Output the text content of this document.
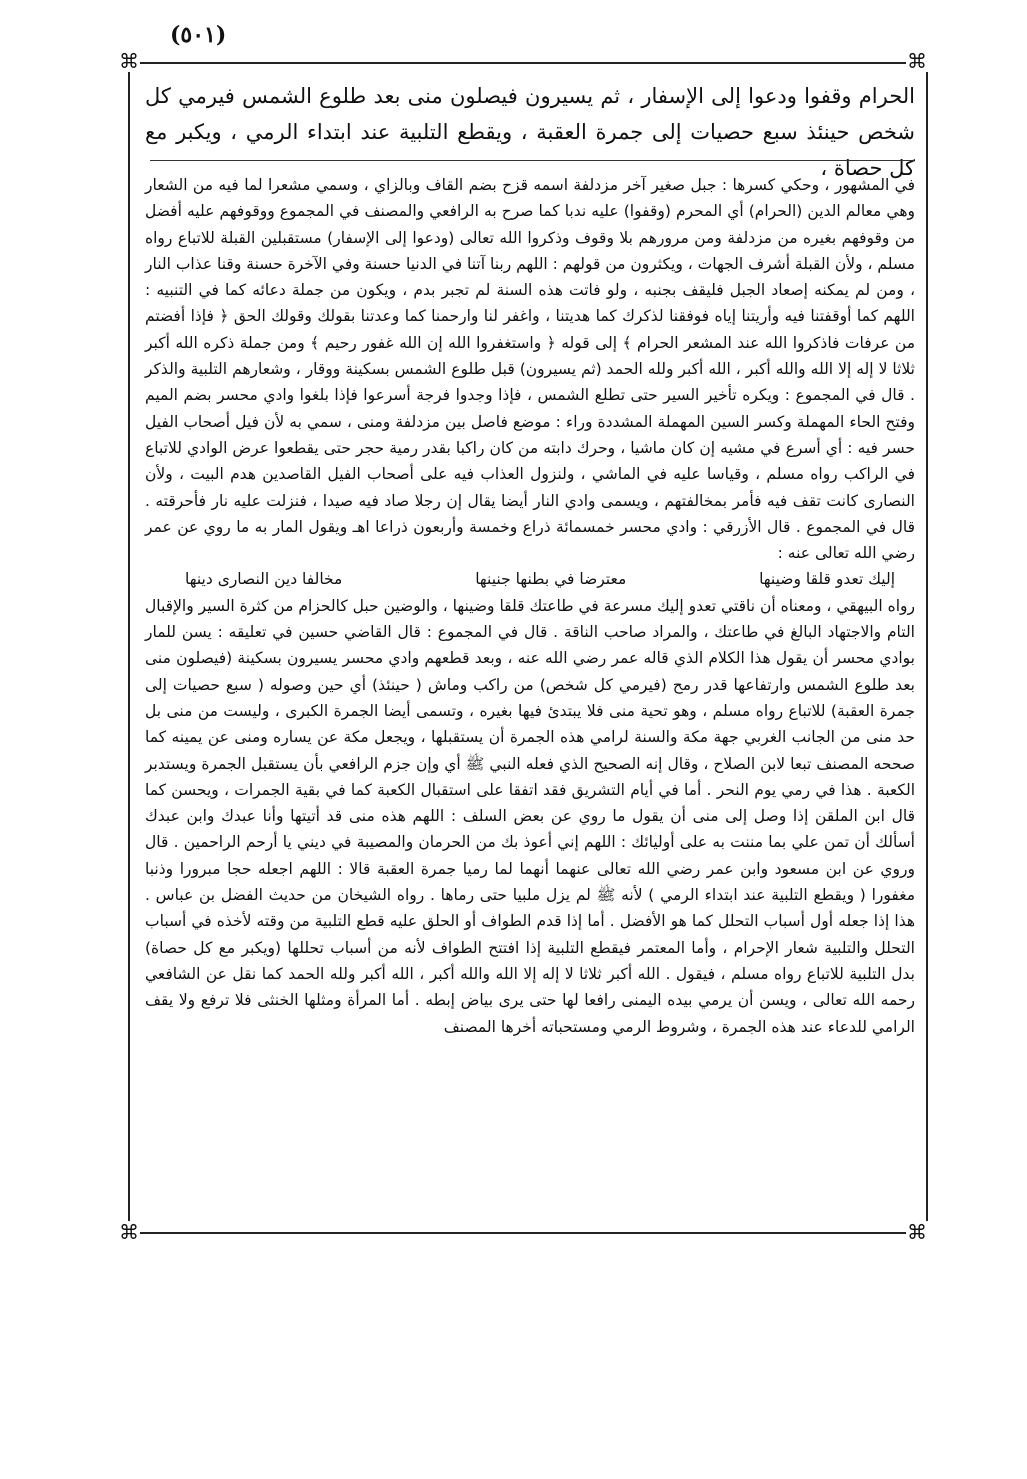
(٥٠١)
⌘	⌘
⌘	⌘
الحرام وقفوا ودعوا إلى الإسفار ، ثم يسيرون فيصلون منى بعد طلوع الشمس فيرمي كل شخص حينئذ سبع حصيات إلى جمرة العقبة ، ويقطع التلبية عند ابتداء الرمي ، ويكبر مع كل حصاة ،

في المشهور ، وحكي كسرها : جبل صغير آخر مزدلفة اسمه قزح بضم القاف وبالزاي ، وسمي مشعرا لما فيه من الشعار وهي معالم الدين (الحرام) أي المحرم (وقفوا) عليه ندبا كما صرح به الرافعي والمصنف في المجموع ووقوفهم عليه أفضل من وقوفهم بغيره من مزدلفة ومن مرورهم بلا وقوف وذكروا الله تعالى (ودعوا إلى الإسفار) مستقبلين القبلة للاتباع رواه مسلم ، ولأن القبلة أشرف الجهات ، ويكثرون من قولهم : اللهم ربنا آتنا في الدنيا حسنة وفي الآخرة حسنة وقنا عذاب النار ، ومن لم يمكنه إصعاد الجبل فليقف بجنبه ، ولو فاتت هذه السنة لم تجبر بدم ، ويكون من جملة دعائه كما في التنبيه : اللهم كما أوقفتنا فيه وأريتنا إياه فوفقنا لذكرك كما هديتنا ، واغفر لنا وارحمنا كما وعدتنا بقولك وقولك الحق ﴿ فإذا أفضتم من عرفات فاذكروا الله عند المشعر الحرام ﴾ إلى قوله ﴿ واستغفروا الله إن الله غفور رحيم ﴾ ومن جملة ذكره الله أكبر ثلاثا لا إله إلا الله والله أكبر ، الله أكبر ولله الحمد (ثم يسيرون) قبل طلوع الشمس بسكينة ووقار ، وشعارهم التلبية والذكر . قال في المجموع : ويكره تأخير السير حتى تطلع الشمس ، فإذا وجدوا فرجة أسرعوا فإذا بلغوا وادي محسر بضم الميم وفتح الحاء المهملة وكسر السين المهملة المشددة وراء : موضع فاصل بين مزدلفة ومنى ، سمي به لأن فيل أصحاب الفيل حسر فيه : أي أسرع في مشيه إن كان ماشيا ، وحرك دابته من كان راكبا بقدر رمية حجر حتى يقطعوا عرض الوادي للاتباع في الراكب رواه مسلم ، وقياسا عليه في الماشي ، ولنزول العذاب فيه على أصحاب الفيل القاصدين هدم البيت ، ولأن النصارى كانت تقف فيه فأمر بمخالفتهم ، ويسمى وادي النار أيضا يقال إن رجلا صاد فيه صيدا ، فنزلت عليه نار فأحرقته . قال في المجموع . قال الأزرقي : وادي محسر خمسمائة ذراع وخمسة وأربعون ذراعا اهـ ويقول المار به ما روي عن عمر رضي الله تعالى عنه :

إليك تعدو قلقا وضينها
معترضا في بطنها جنينها
مخالفا دين النصارى دينها

رواه البيهقي ، ومعناه أن ناقتي تعدو إليك مسرعة في طاعتك قلقا وضينها ، والوضين حبل كالحزام من كثرة السير والإقبال التام والاجتهاد البالغ في طاعتك ، والمراد صاحب الناقة . قال في المجموع : قال القاضي حسين في تعليقه : يسن للمار بوادي محسر أن يقول هذا الكلام الذي قاله عمر رضي الله عنه ، وبعد قطعهم وادي محسر يسيرون بسكينة (فيصلون منى بعد طلوع الشمس وارتفاعها قدر رمح (فيرمي كل شخص) من راكب وماش ( حينئذ) أي حين وصوله ( سبع حصيات إلى جمرة العقبة) للاتباع رواه مسلم ، وهو تحية منى فلا يبتدئ فيها بغيره ، وتسمى أيضا الجمرة الكبرى ، وليست من منى بل حد منى من الجانب الغربي جهة مكة والسنة لرامي هذه الجمرة أن يستقبلها ، ويجعل مكة عن يساره ومنى عن يمينه كما صححه المصنف تبعا لابن الصلاح ، وقال إنه الصحيح الذي فعله النبي ﷺ أي وإن جزم الرافعي بأن يستقبل الجمرة ويستدبر الكعبة . هذا في رمي يوم النحر . أما في أيام التشريق فقد اتفقا على استقبال الكعبة كما في بقية الجمرات ، ويحسن كما قال ابن الملقن إذا وصل إلى منى أن يقول ما روي عن بعض السلف : اللهم هذه منى قد أتيتها وأنا عبدك وابن عبدك أسألك أن تمن علي بما مننت به على أوليائك : اللهم إني أعوذ بك من الحرمان والمصيبة في ديني يا أرحم الراحمين . قال وروي عن ابن مسعود وابن عمر رضي الله تعالى عنهما أنهما لما رميا جمرة العقبة قالا : اللهم اجعله حجا مبرورا وذنبا مغفورا ( ويقطع التلبية عند ابتداء الرمي ) لأنه ﷺ لم يزل ملبيا حتى رماها . رواه الشيخان من حديث الفضل بن عباس . هذا إذا جعله أول أسباب التحلل كما هو الأفضل . أما إذا قدم الطواف أو الحلق عليه قطع التلبية من وقته لأخذه في أسباب التحلل والتلبية شعار الإحرام ، وأما المعتمر فيقطع التلبية إذا افتتح الطواف لأنه من أسباب تحللها (ويكبر مع كل حصاة) بدل التلبية للاتباع رواه مسلم ، فيقول . الله أكبر ثلاثا لا إله إلا الله والله أكبر ، الله أكبر ولله الحمد كما نقل عن الشافعي رحمه الله تعالى ، ويسن أن يرمي بيده اليمنى رافعا لها حتى يرى بياض إبطه . أما المرأة ومثلها الخنثى فلا ترفع ولا يقف الرامي للدعاء عند هذه الجمرة ، وشروط الرمي ومستحباته أخرها المصنف
